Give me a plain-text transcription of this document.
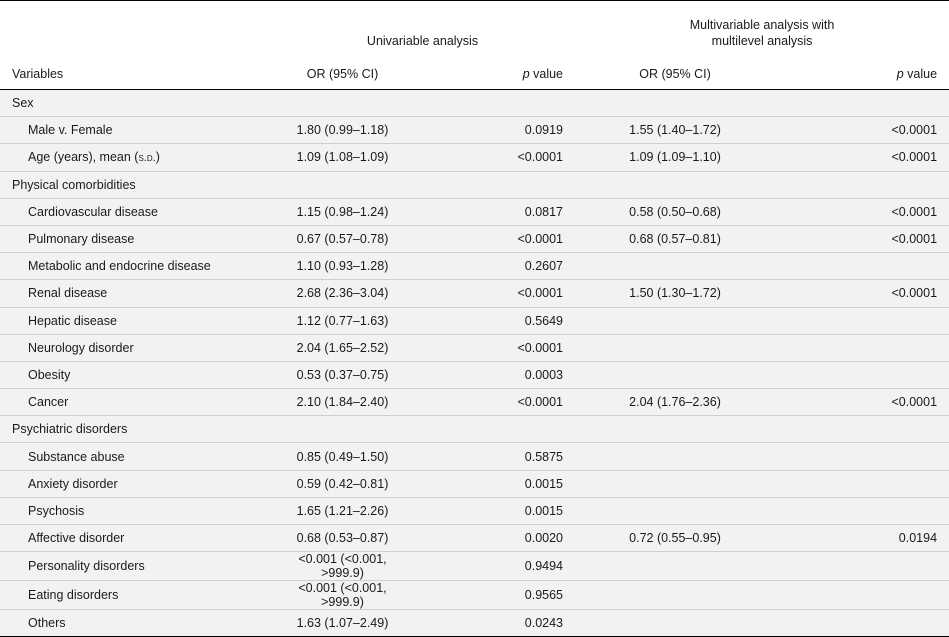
	Univariable analysis		Multivariable analysis with
multilevel analysis	
Variables	OR (95% CI)	p value	OR (95% CI)	p value
Sex				
Male v. Female	1.80 (0.99–1.18)	0.0919	1.55 (1.40–1.72)	<0.0001
Age (years), mean (s.d.)	1.09 (1.08–1.09)	<0.0001	1.09 (1.09–1.10)	<0.0001
Physical comorbidities				
Cardiovascular disease	1.15 (0.98–1.24)	0.0817	0.58 (0.50–0.68)	<0.0001
Pulmonary disease	0.67 (0.57–0.78)	<0.0001	0.68 (0.57–0.81)	<0.0001
Metabolic and endocrine disease	1.10 (0.93–1.28)	0.2607		
Renal disease	2.68 (2.36–3.04)	<0.0001	1.50 (1.30–1.72)	<0.0001
Hepatic disease	1.12 (0.77–1.63)	0.5649		
Neurology disorder	2.04 (1.65–2.52)	<0.0001		
Obesity	0.53 (0.37–0.75)	0.0003		
Cancer	2.10 (1.84–2.40)	<0.0001	2.04 (1.76–2.36)	<0.0001
Psychiatric disorders				
Substance abuse	0.85 (0.49–1.50)	0.5875		
Anxiety disorder	0.59 (0.42–0.81)	0.0015		
Psychosis	1.65 (1.21–2.26)	0.0015		
Affective disorder	0.68 (0.53–0.87)	0.0020	0.72 (0.55–0.95)	0.0194
Personality disorders	<0.001 (<0.001, >999.9)	0.9494		
Eating disorders	<0.001 (<0.001, >999.9)	0.9565		
Others	1.63 (1.07–2.49)	0.0243		
